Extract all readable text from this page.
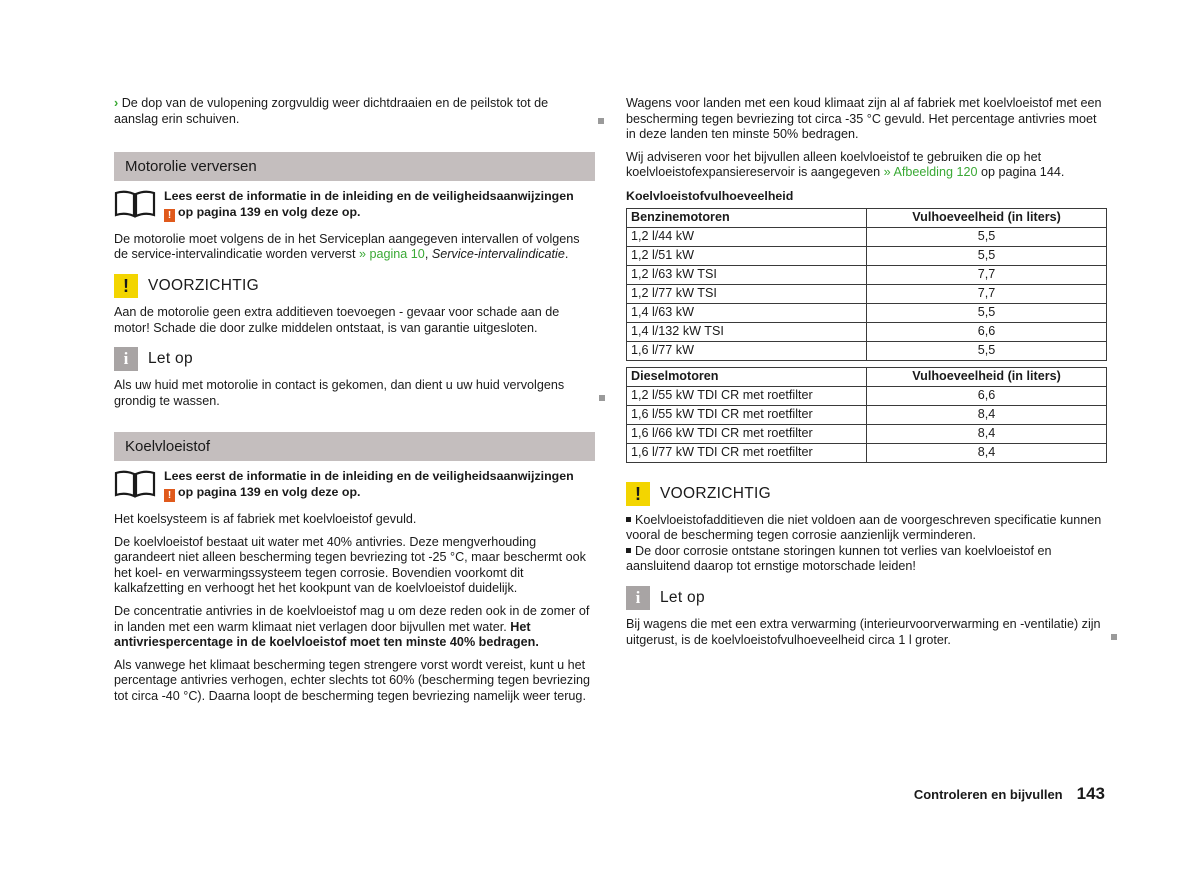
› De dop van de vulopening zorgvuldig weer dichtdraaien en de peilstok tot de aanslag erin schuiven.

Motorolie verversen
Lees eerst de informatie in de inleiding en de veiligheidsaanwijzingen
! op pagina 139 en volg deze op.

De motorolie moet volgens de in het Serviceplan aangegeven intervallen of volgens de service-intervalindicatie worden ververst » pagina 10, Service-intervalindicatie.

!	VOORZICHTIG

Aan de motorolie geen extra additieven toevoegen - gevaar voor schade aan de motor! Schade die door zulke middelen ontstaat, is van garantie uitgesloten.

i	Let op

Als uw huid met motorolie in contact is gekomen, dan dient u uw huid vervolgens grondig te wassen.

Koelvloeistof
Lees eerst de informatie in de inleiding en de veiligheidsaanwijzingen
! op pagina 139 en volg deze op.

Het koelsysteem is af fabriek met koelvloeistof gevuld.

De koelvloeistof bestaat uit water met 40% antivries. Deze mengverhouding garandeert niet alleen bescherming tegen bevriezing tot -25 °C, maar beschermt ook het koel- en verwarmingssysteem tegen corrosie. Bovendien voorkomt dit kalkafzetting en verhoogt het het kookpunt van de koelvloeistof duidelijk.

De concentratie antivries in de koelvloeistof mag u om deze reden ook in de zomer of in landen met een warm klimaat niet verlagen door bijvullen met water. Het antivriespercentage in de koelvloeistof moet ten minste 40% bedragen.

Als vanwege het klimaat bescherming tegen strengere vorst wordt vereist, kunt u het percentage antivries verhogen, echter slechts tot 60% (bescherming tegen bevriezing tot circa -40 °C). Daarna loopt de bescherming tegen bevriezing namelijk weer terug.

Wagens voor landen met een koud klimaat zijn al af fabriek met koelvloeistof met een bescherming tegen bevriezing tot circa -35 °C gevuld. Het percentage antivries moet in deze landen ten minste 50% bedragen.

Wij adviseren voor het bijvullen alleen koelvloeistof te gebruiken die op het koelvloeistofexpansiereservoir is aangegeven » Afbeelding 120 op pagina 144.

Koelvloeistofvulhoeveelheid
Benzinemotoren	Vulhoeveelheid (in liters)
1,2 l/44 kW	5,5
1,2 l/51 kW	5,5
1,2 l/63 kW TSI	7,7
1,2 l/77 kW TSI	7,7
1,4 l/63 kW	5,5
1,4 l/132 kW TSI	6,6
1,6 l/77 kW	5,5
Dieselmotoren	Vulhoeveelheid (in liters)
1,2 l/55 kW TDI CR met roetfilter	6,6
1,6 l/55 kW TDI CR met roetfilter	8,4
1,6 l/66 kW TDI CR met roetfilter	8,4
1,6 l/77 kW TDI CR met roetfilter	8,4
!	VOORZICHTIG

Koelvloeistofadditieven die niet voldoen aan de voorgeschreven specificatie kunnen vooral de bescherming tegen corrosie aanzienlijk verminderen.
De door corrosie ontstane storingen kunnen tot verlies van koelvloeistof en aansluitend daarop tot ernstige motorschade leiden!

i	Let op

Bij wagens die met een extra verwarming (interieurvoorverwarming en -ventilatie) zijn uitgerust, is de koelvloeistofvulhoeveelheid circa 1 l groter.

Controleren en bijvullen 143
